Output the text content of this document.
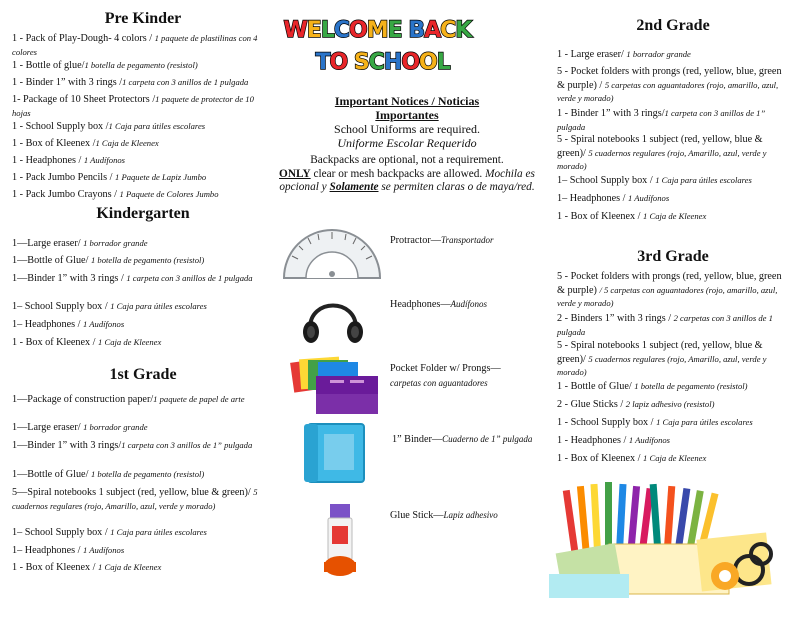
Pre Kinder
1 - Pack of Play-Dough- 4 colors / 1 paquete de plastilinas con 4 colores
1 - Bottle of glue/1 botella de pegamento (resistol)
1 - Binder 1” with 3 rings /1 carpeta con 3 anillos de 1 pulgada
1- Package of 10 Sheet Protectors /1 paquete de protector de 10 hojas
1 - School Supply box /1 Caja para útiles escolares
1 - Box of Kleenex /1 Caja de Kleenex
1 - Headphones / 1 Audífonos
1 - Pack Jumbo Pencils / 1 Paquete de Lapiz Jumbo
1 - Pack Jumbo Crayons / 1 Paquete de Colores Jumbo
Kindergarten
1—Large eraser/ 1 borrador grande
1—Bottle of Glue/ 1 botella de pegamento (resistol)
1—Binder 1” with 3 rings / 1 carpeta con 3 anillos de 1 pulgada
1– School Supply box / 1 Caja para útiles escolares
1– Headphones / 1 Audífonos
1 - Box of Kleenex / 1 Caja de Kleenex
1st Grade
1—Package of construction paper/1 paquete de papel de arte
1—Large eraser/ 1 borrador grande
1—Binder 1” with 3 rings/1 carpeta con 3 anillos de 1” pulgada
1—Bottle of Glue/ 1 botella de pegamento (resistol)
5—Spiral notebooks 1 subject (red, yellow, blue & green)/ 5 cuadernos regulares (rojo, Amarillo, azul, verde y morado)
1– School Supply box / 1 Caja para útiles escolares
1– Headphones / 1 Audífonos
1 - Box of Kleenex / 1 Caja de Kleenex
W E L C O M E
B A C K
T O
S C H O O L
Important Notices / Noticias Importantes
School Uniforms are required.
Uniforme Escolar Requerido
Backpacks are optional, not a requirement.
ONLY clear or mesh backpacks are allowed. Mochila es opcional y Solamente se permiten claras o de maya/red.
Protractor—Transportador
Headphones—Audífonos
Pocket Folder w/ Prongs—
carpetas con aguantadores
1” Binder—Cuaderno de 1” pulgada
Glue Stick—Lapiz adhesivo
2nd Grade
1 - Large eraser/ 1 borrador grande
5 - Pocket folders with prongs (red, yellow, blue, green & purple) / 5 carpetas con aguantadores (rojo, amarillo, azul, verde y morado)
1 - Binder 1” with 3 rings/1 carpeta con 3 anillos de 1” pulgada
5 - Spiral notebooks 1 subject (red, yellow, blue & green)/ 5 cuadernos regulares (rojo, Amarillo, azul, verde y morado)
1– School Supply box / 1 Caja para útiles escolares
1– Headphones / 1 Audífonos
1 - Box of Kleenex / 1 Caja de Kleenex
3rd Grade
5 - Pocket folders with prongs (red, yellow, blue, green & purple) / 5 carpetas con aguantadores (rojo, amarillo, azul, verde y morado)
2 - Binders 1” with 3 rings / 2 carpetas con 3 anillos de 1 pulgada
5 - Spiral notebooks 1 subject (red, yellow, blue & green)/ 5 cuadernos regulares (rojo, Amarillo, azul, verde y morado)
1 - Bottle of Glue/ 1 botella de pegamento (resistol)
2 - Glue Sticks / 2 lapiz adhesivo (resistol)
1 - School Supply box / 1 Caja para útiles escolares
1 - Headphones / 1 Audífonos
1 - Box of Kleenex / 1 Caja de Kleenex
